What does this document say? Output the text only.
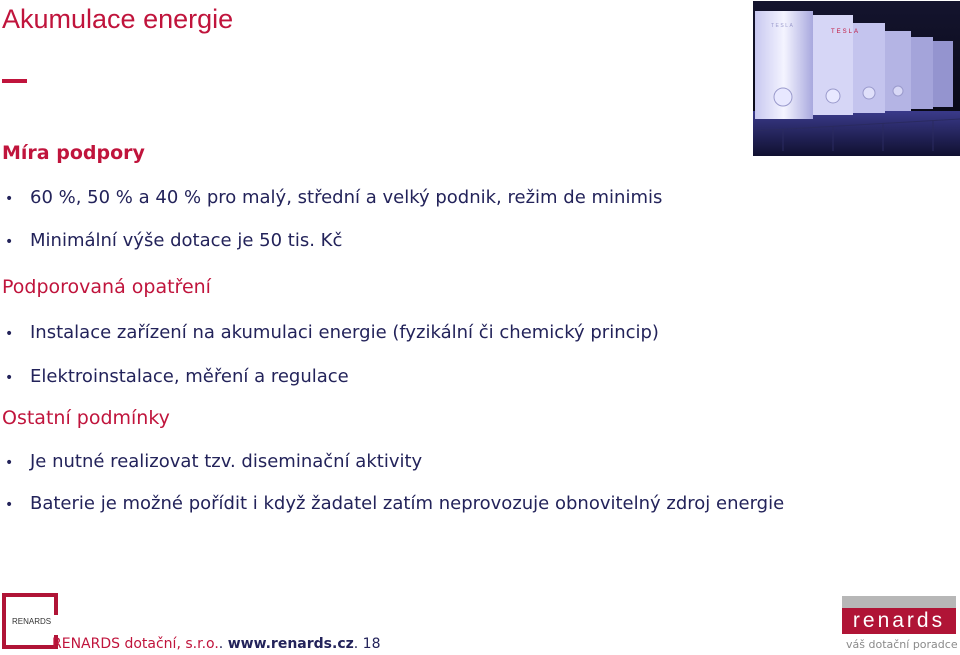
Akumulace energie
Míra podpory
• 60 %, 50 % a 40 % pro malý, střední a velký podnik, režim de minimis
• Minimální výše dotace je 50 tis. Kč
Podporovaná opatření
• Instalace zařízení na akumulaci energie (fyzikální či chemický princip)
• Elektroinstalace, měření a regulace
Ostatní podmínky
• Je nutné realizovat tzv. diseminační aktivity
• Baterie je možné pořídit i když žadatel zatím neprovozuje obnovitelný zdroj energie
TESLA
TESLA
RENARDS
RENARDS dotační, s.r.o.. www.renards.cz. 18
renards
váš dotační poradce
